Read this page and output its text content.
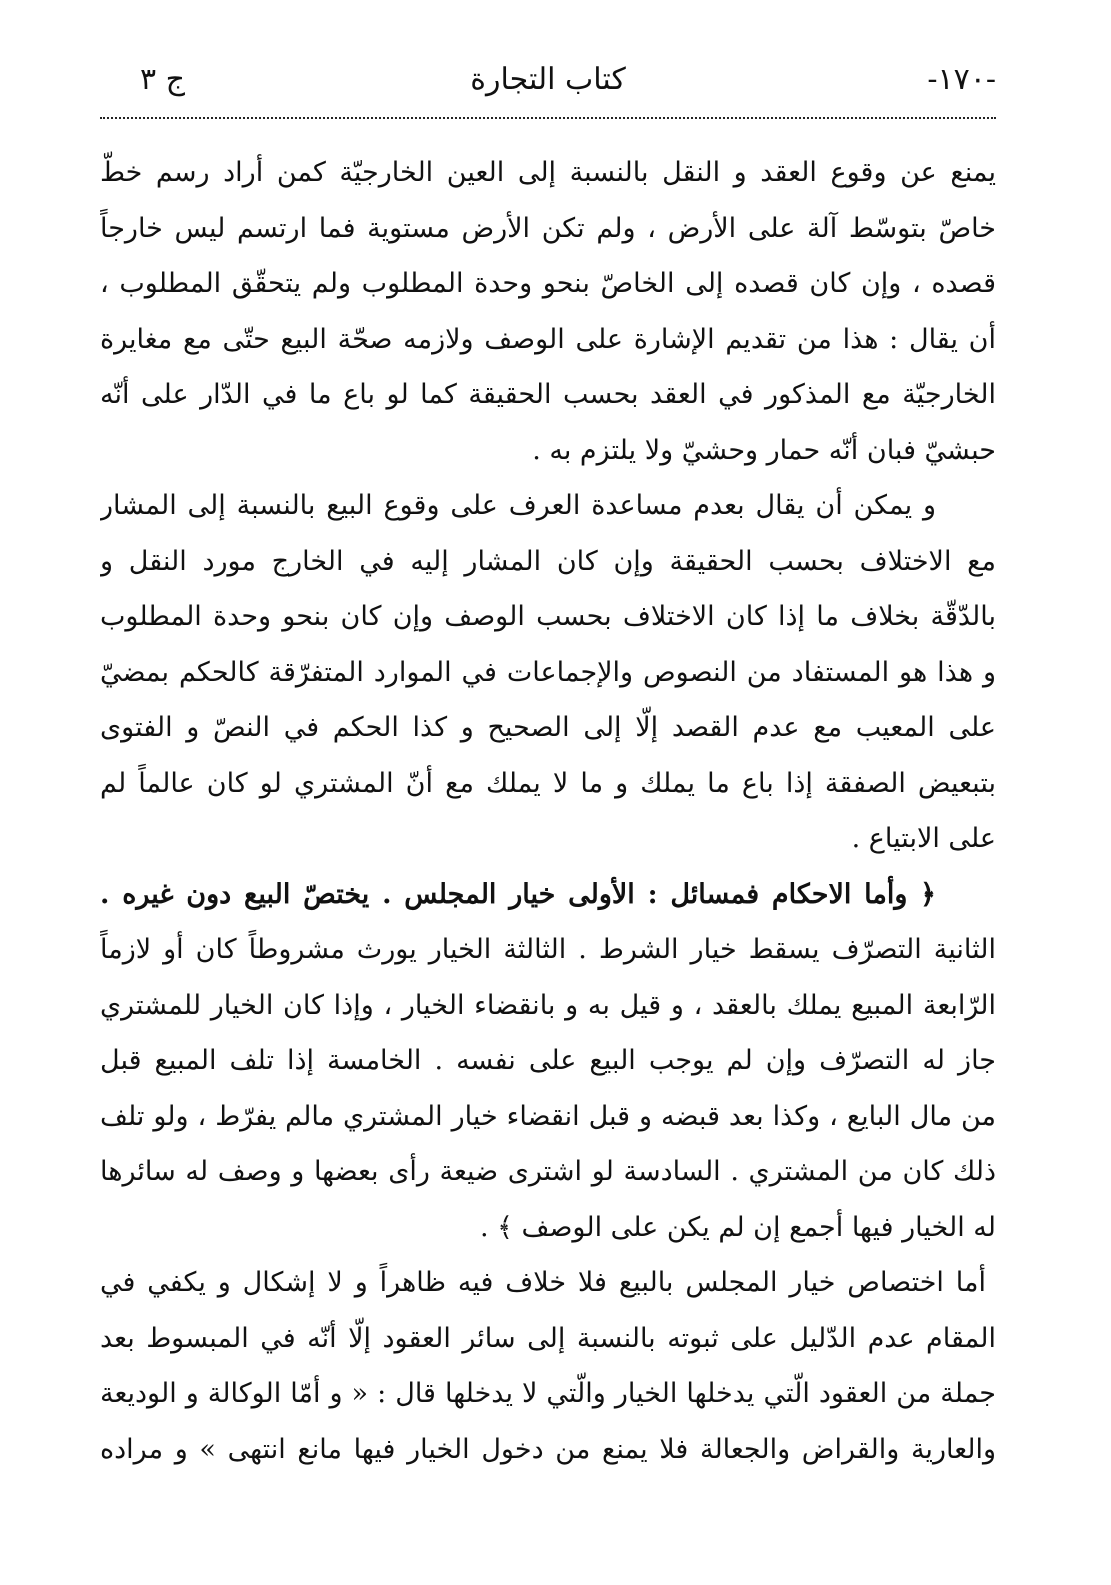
كتاب التجارة
ج ٣	-١٧٠-
يمنع عن وقوع العقد و النقل بالنسبة إلى العين الخارجيّة كمن أراد رسم خطّ
خاصّ بتوسّط آلة على الأرض ، ولم تكن الأرض مستوية فما ارتسم ليس خارجاً
قصده ، وإن كان قصده إلى الخاصّ بنحو وحدة المطلوب ولم يتحقّق المطلوب ،
أن يقال : هذا من تقديم الإشارة على الوصف ولازمه صحّة البيع حتّى مع مغايرة
الخارجيّة مع المذكور في العقد بحسب الحقيقة كما لو باع ما في الدّار على أنّه
حبشيّ فبان أنّه حمار وحشيّ ولا يلتزم به .
و يمكن أن يقال بعدم مساعدة العرف على وقوع البيع بالنسبة إلى المشار
مع الاختلاف بحسب الحقيقة وإن كان المشار إليه في الخارج مورد النقل و
بالدّقّة بخلاف ما إذا كان الاختلاف بحسب الوصف وإن كان بنحو وحدة المطلوب
و هذا هو المستفاد من النصوص والإجماعات في الموارد المتفرّقة كالحكم بمضيّ
على المعيب مع عدم القصد إلّا إلى الصحيح و كذا الحكم في النصّ و الفتوى
بتبعيض الصفقة إذا باع ما يملك و ما لا يملك مع أنّ المشتري لو كان عالماً لم
على الابتياع .
﴿ وأما الاحكام فمسائل : الأولى خيار المجلس . يختصّ البيع دون غيره .
الثانية التصرّف يسقط خيار الشرط . الثالثة الخيار يورث مشروطاً كان أو لازماً
الرّابعة المبيع يملك بالعقد ، و قيل به و بانقضاء الخيار ، وإذا كان الخيار للمشتري
جاز له التصرّف وإن لم يوجب البيع على نفسه . الخامسة إذا تلف المبيع قبل
من مال البايع ، وكذا بعد قبضه و قبل انقضاء خيار المشتري مالم يفرّط ، ولو تلف
ذلك كان من المشتري . السادسة لو اشترى ضيعة رأى بعضها و وصف له سائرها
له الخيار فيها أجمع إن لم يكن على الوصف ﴾ .
أما اختصاص خيار المجلس بالبيع فلا خلاف فيه ظاهراً و لا إشكال و يكفي في
المقام عدم الدّليل على ثبوته بالنسبة إلى سائر العقود إلّا أنّه في المبسوط بعد
جملة من العقود الّتي يدخلها الخيار والّتي لا يدخلها قال : « و أمّا الوكالة و الوديعة
والعارية والقراض والجعالة فلا يمنع من دخول الخيار فيها مانع انتهى » و مراده
